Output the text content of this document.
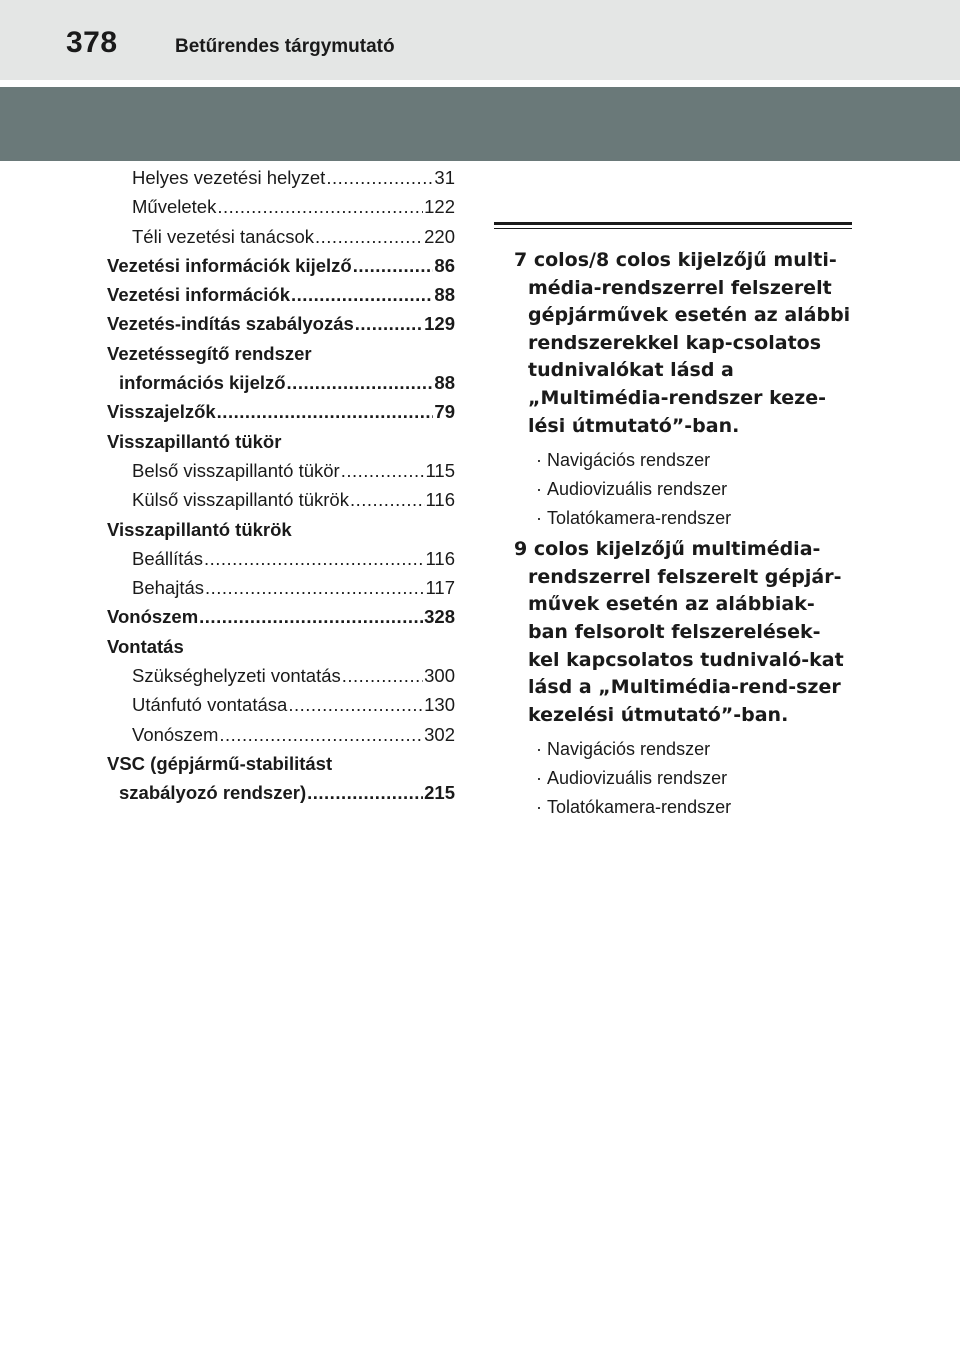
378	Betűrendes tárgymutató
Helyes vezetési helyzet .....	31
Műveletek .....	122
Téli vezetési tanácsok .....	220
Vezetési információk kijelző .....	86
Vezetési információk .....	88
Vezetés-indítás szabályozás .....	129
Vezetéssegítő rendszer
információs kijelző .....	88
Visszajelzők .....	79
Visszapillantó tükör
Belső visszapillantó tükör .....	115
Külső visszapillantó tükrök .....	116
Visszapillantó tükrök
Beállítás .....	116
Behajtás .....	117
Vonószem .....	328
Vontatás
Szükséghelyzeti vontatás .....	300
Utánfutó vontatása .....	130
Vonószem .....	302
VSC (gépjármű-stabilitást
szabályozó rendszer) .....	215

7 colos/8 colos kijelzőjű multi-média-rendszerrel felszerelt gépjárművek esetén az alábbi rendszerekkel kap-csolatos tudnivalókat lásd a „Multimédia-rendszer keze-lési útmutató”-ban.

· Navigációs rendszer
· Audiovizuális rendszer
· Tolatókamera-rendszer

9 colos kijelzőjű multimédia-rendszerrel felszerelt gépjár-művek esetén az alábbiak-ban felsorolt felszerelések-kel kapcsolatos tudnivaló-kat lásd a „Multimédia-rend-szer kezelési útmutató”-ban.

· Navigációs rendszer
· Audiovizuális rendszer
· Tolatókamera-rendszer
